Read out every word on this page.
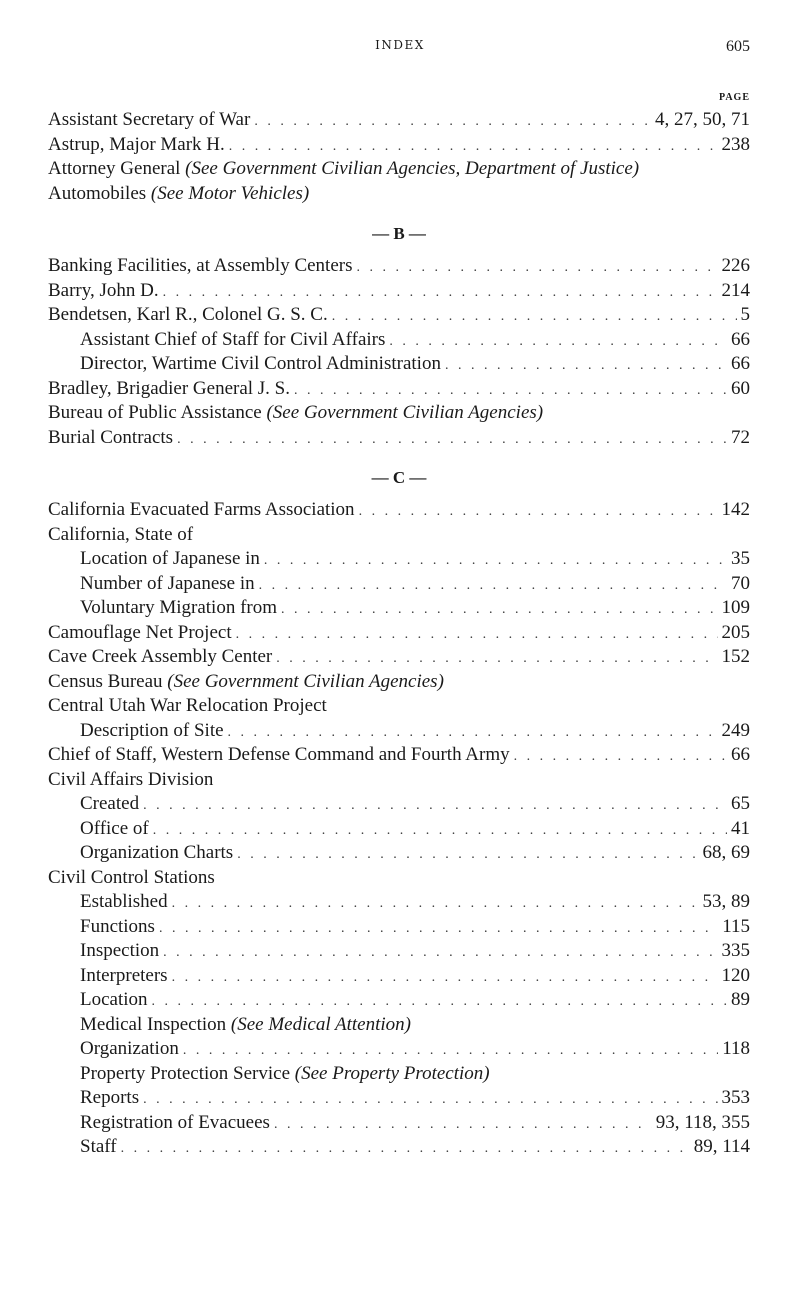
INDEX	605
PAGE
Assistant Secretary of War . . .	4, 27, 50, 71
Astrup, Major Mark H. . . .	238
Attorney General (See Government Civilian Agencies, Department of Justice)
Automobiles (See Motor Vehicles)
— B —
Banking Facilities, at Assembly Centers . . .	226
Barry, John D. . . .	214
Bendetsen, Karl R., Colonel G. S. C. . . .	5
Assistant Chief of Staff for Civil Affairs . . .	66
Director, Wartime Civil Control Administration . . .	66
Bradley, Brigadier General J. S. . . .	60
Bureau of Public Assistance (See Government Civilian Agencies)
Burial Contracts . . .	72
— C —
California Evacuated Farms Association . . .	142
California, State of
Location of Japanese in . . .	35
Number of Japanese in . . .	70
Voluntary Migration from . . .	109
Camouflage Net Project . . .	205
Cave Creek Assembly Center . . .	152
Census Bureau (See Government Civilian Agencies)
Central Utah War Relocation Project
Description of Site . . .	249
Chief of Staff, Western Defense Command and Fourth Army . . .	66
Civil Affairs Division
Created . . .	65
Office of . . .	41
Organization Charts . . .	68, 69
Civil Control Stations
Established . . .	53, 89
Functions . . .	115
Inspection . . .	335
Interpreters . . .	120
Location . . .	89
Medical Inspection (See Medical Attention)
Organization . . .	118
Property Protection Service (See Property Protection)
Reports . . .	353
Registration of Evacuees . . .	93, 118, 355
Staff . . .	89, 114
